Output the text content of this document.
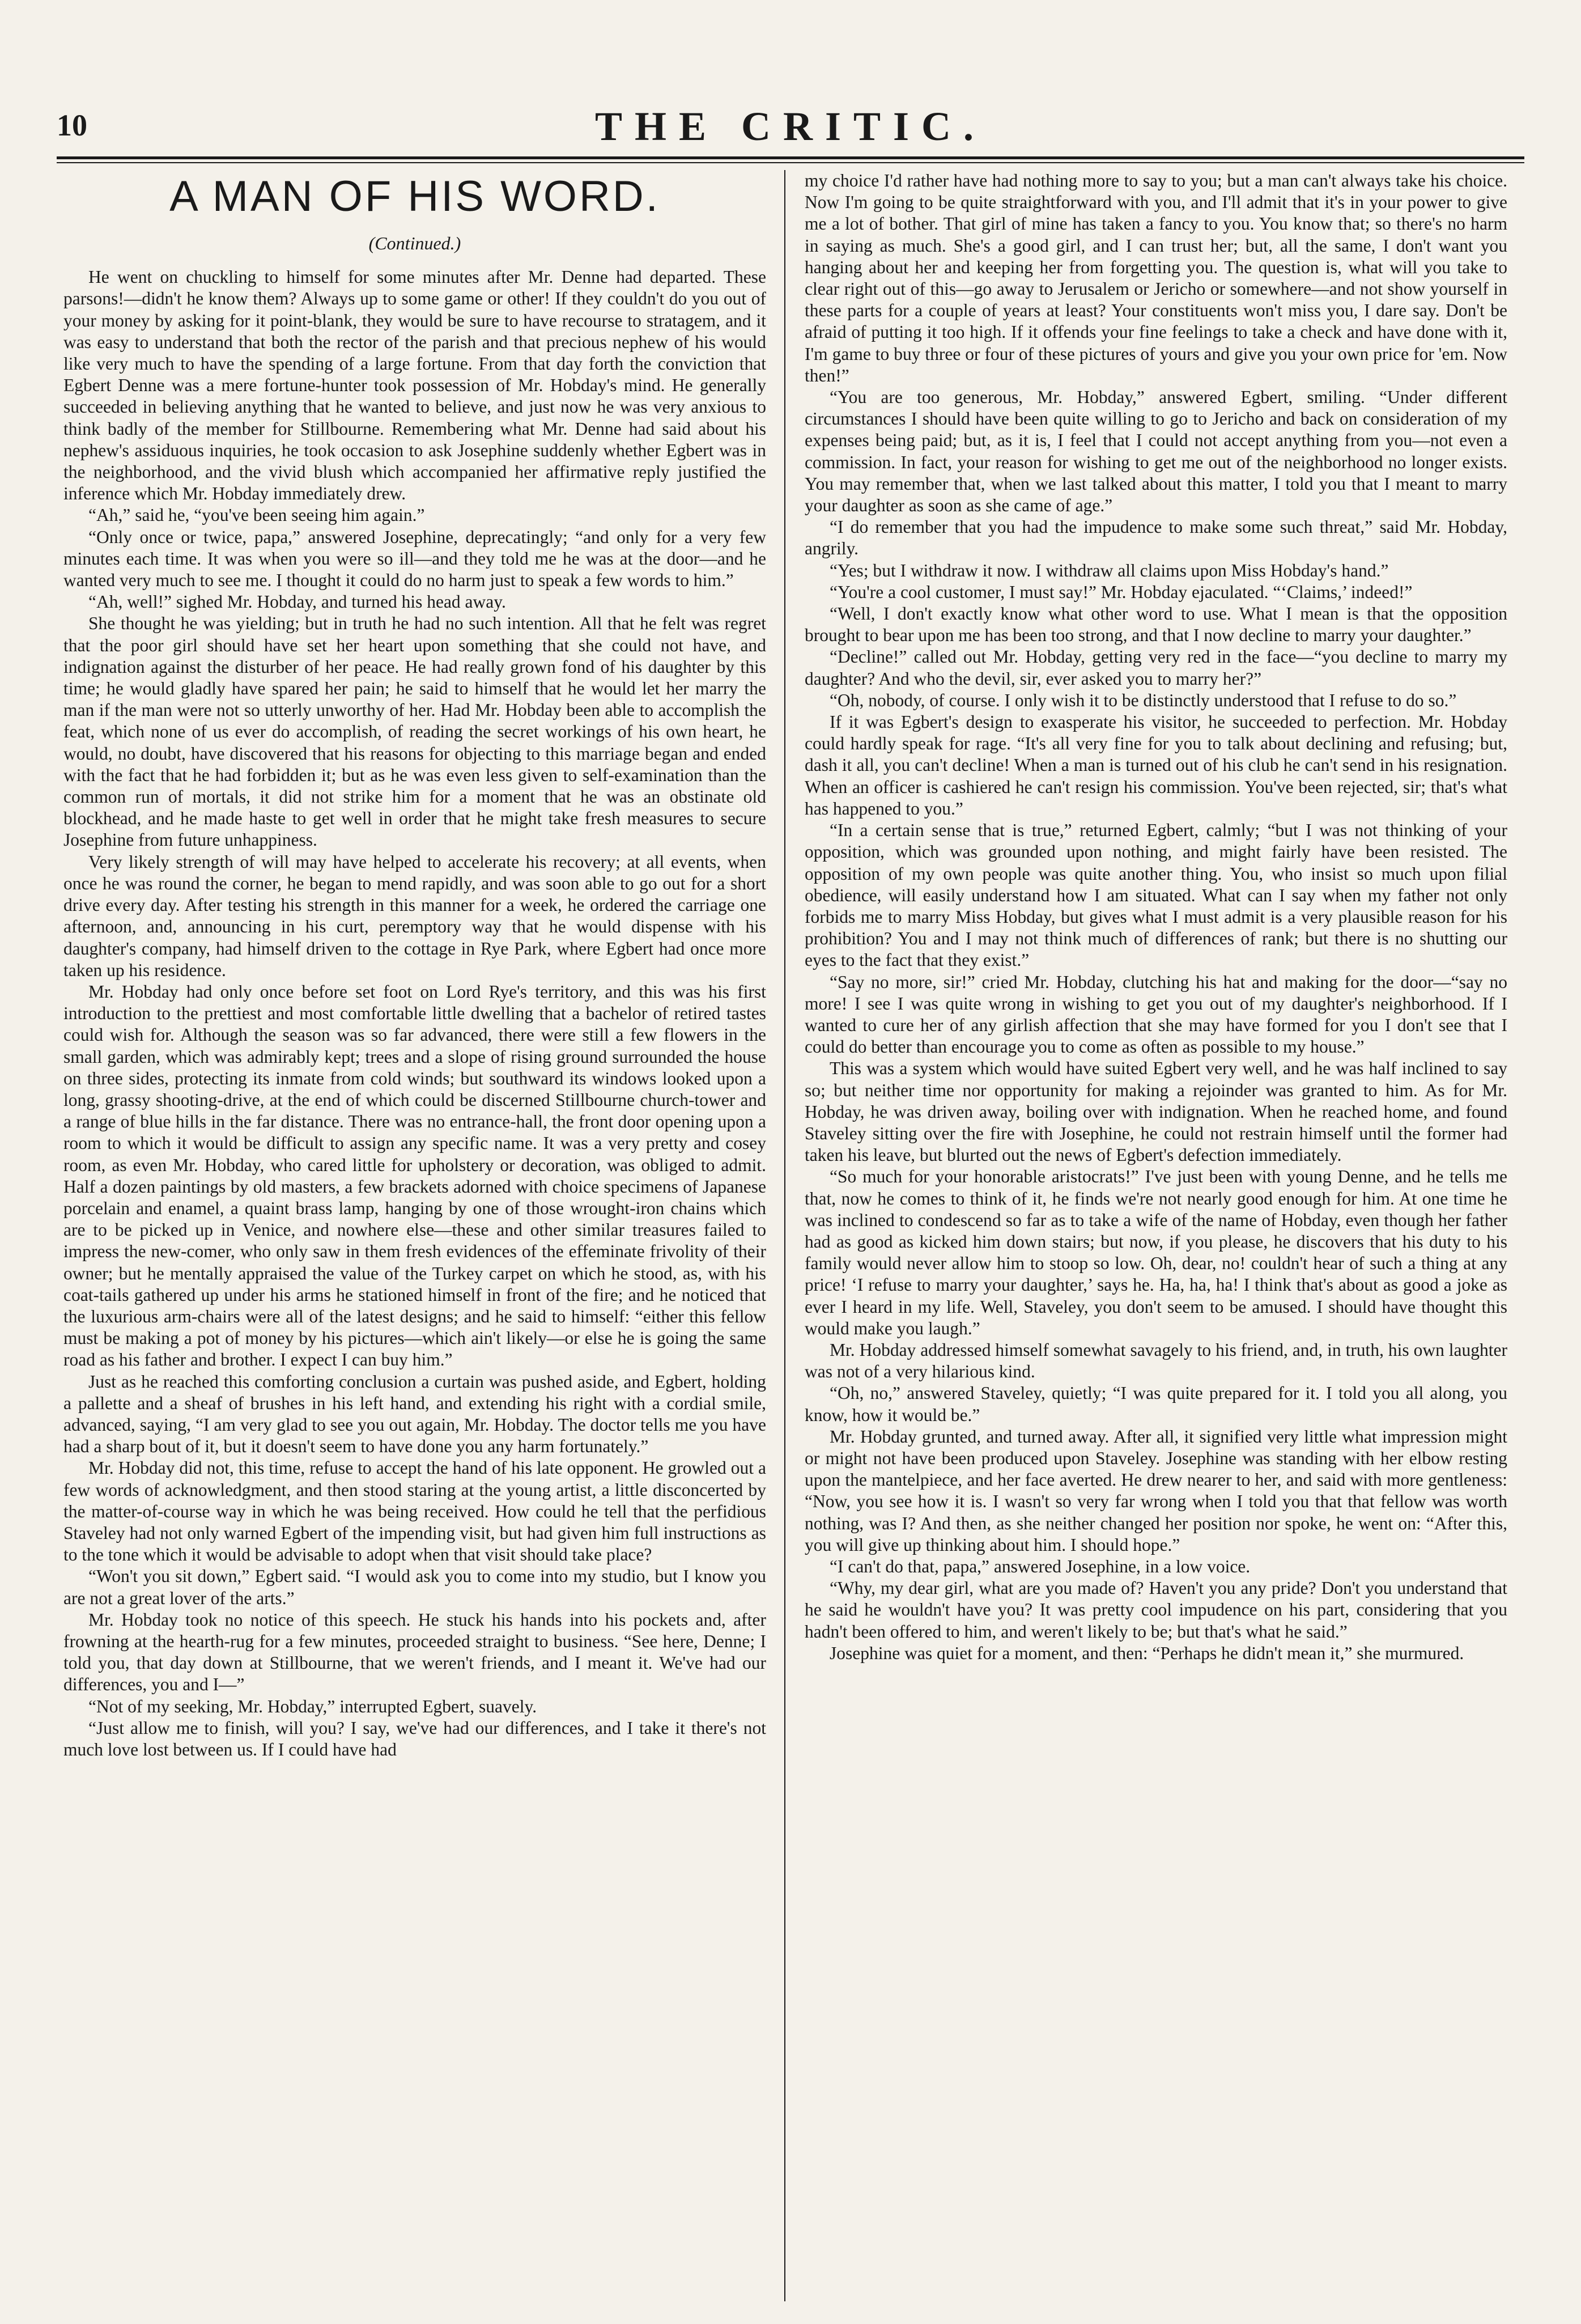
10	THE CRITIC.
A MAN OF HIS WORD.
(Continued.)

He went on chuckling to himself for some minutes after Mr. Denne had departed. These parsons!—didn't he know them? Always up to some game or other! If they couldn't do you out of your money by asking for it point-blank, they would be sure to have recourse to stratagem, and it was easy to understand that both the rector of the parish and that precious nephew of his would like very much to have the spending of a large fortune. From that day forth the conviction that Egbert Denne was a mere fortune-hunter took possession of Mr. Hobday's mind. He generally succeeded in believing anything that he wanted to believe, and just now he was very anxious to think badly of the member for Stillbourne. Remembering what Mr. Denne had said about his nephew's assiduous inquiries, he took occasion to ask Josephine suddenly whether Egbert was in the neighborhood, and the vivid blush which accompanied her affirmative reply justified the inference which Mr. Hobday immediately drew.

“Ah,” said he, “you've been seeing him again.”

“Only once or twice, papa,” answered Josephine, deprecatingly; “and only for a very few minutes each time. It was when you were so ill—and they told me he was at the door—and he wanted very much to see me. I thought it could do no harm just to speak a few words to him.”

“Ah, well!” sighed Mr. Hobday, and turned his head away.

She thought he was yielding; but in truth he had no such intention. All that he felt was regret that the poor girl should have set her heart upon something that she could not have, and indignation against the disturber of her peace. He had really grown fond of his daughter by this time; he would gladly have spared her pain; he said to himself that he would let her marry the man if the man were not so utterly unworthy of her. Had Mr. Hobday been able to accomplish the feat, which none of us ever do accomplish, of reading the secret workings of his own heart, he would, no doubt, have discovered that his reasons for objecting to this marriage began and ended with the fact that he had forbidden it; but as he was even less given to self-examination than the common run of mortals, it did not strike him for a moment that he was an obstinate old blockhead, and he made haste to get well in order that he might take fresh measures to secure Josephine from future unhappiness.

Very likely strength of will may have helped to accelerate his recovery; at all events, when once he was round the corner, he began to mend rapidly, and was soon able to go out for a short drive every day. After testing his strength in this manner for a week, he ordered the carriage one afternoon, and, announcing in his curt, peremptory way that he would dispense with his daughter's company, had himself driven to the cottage in Rye Park, where Egbert had once more taken up his residence.

Mr. Hobday had only once before set foot on Lord Rye's territory, and this was his first introduction to the prettiest and most comfortable little dwelling that a bachelor of retired tastes could wish for. Although the season was so far advanced, there were still a few flowers in the small garden, which was admirably kept; trees and a slope of rising ground surrounded the house on three sides, protecting its inmate from cold winds; but southward its windows looked upon a long, grassy shooting-drive, at the end of which could be discerned Stillbourne church-tower and a range of blue hills in the far distance. There was no entrance-hall, the front door opening upon a room to which it would be difficult to assign any specific name. It was a very pretty and cosey room, as even Mr. Hobday, who cared little for upholstery or decoration, was obliged to admit. Half a dozen paintings by old masters, a few brackets adorned with choice specimens of Japanese porcelain and enamel, a quaint brass lamp, hanging by one of those wrought-iron chains which are to be picked up in Venice, and nowhere else—these and other similar treasures failed to impress the new-comer, who only saw in them fresh evidences of the effeminate frivolity of their owner; but he mentally appraised the value of the Turkey carpet on which he stood, as, with his coat-tails gathered up under his arms he stationed himself in front of the fire; and he noticed that the luxurious arm-chairs were all of the latest designs; and he said to himself: “either this fellow must be making a pot of money by his pictures—which ain't likely—or else he is going the same road as his father and brother. I expect I can buy him.”

Just as he reached this comforting conclusion a curtain was pushed aside, and Egbert, holding a pallette and a sheaf of brushes in his left hand, and extending his right with a cordial smile, advanced, saying, “I am very glad to see you out again, Mr. Hobday. The doctor tells me you have had a sharp bout of it, but it doesn't seem to have done you any harm fortunately.”

Mr. Hobday did not, this time, refuse to accept the hand of his late opponent. He growled out a few words of acknowledgment, and then stood staring at the young artist, a little disconcerted by the matter-of-course way in which he was being received. How could he tell that the perfidious Staveley had not only warned Egbert of the impending visit, but had given him full instructions as to the tone which it would be advisable to adopt when that visit should take place?

“Won't you sit down,” Egbert said. “I would ask you to come into my studio, but I know you are not a great lover of the arts.”

Mr. Hobday took no notice of this speech. He stuck his hands into his pockets and, after frowning at the hearth-rug for a few minutes, proceeded straight to business. “See here, Denne; I told you, that day down at Stillbourne, that we weren't friends, and I meant it. We've had our differences, you and I—”

“Not of my seeking, Mr. Hobday,” interrupted Egbert, suavely.

“Just allow me to finish, will you? I say, we've had our differences, and I take it there's not much love lost between us. If I could have had

my choice I'd rather have had nothing more to say to you; but a man can't always take his choice. Now I'm going to be quite straightforward with you, and I'll admit that it's in your power to give me a lot of bother. That girl of mine has taken a fancy to you. You know that; so there's no harm in saying as much. She's a good girl, and I can trust her; but, all the same, I don't want you hanging about her and keeping her from forgetting you. The question is, what will you take to clear right out of this—go away to Jerusalem or Jericho or somewhere—and not show yourself in these parts for a couple of years at least? Your constituents won't miss you, I dare say. Don't be afraid of putting it too high. If it offends your fine feelings to take a check and have done with it, I'm game to buy three or four of these pictures of yours and give you your own price for 'em. Now then!”

“You are too generous, Mr. Hobday,” answered Egbert, smiling. “Under different circumstances I should have been quite willing to go to Jericho and back on consideration of my expenses being paid; but, as it is, I feel that I could not accept anything from you—not even a commission. In fact, your reason for wishing to get me out of the neighborhood no longer exists. You may remember that, when we last talked about this matter, I told you that I meant to marry your daughter as soon as she came of age.”

“I do remember that you had the impudence to make some such threat,” said Mr. Hobday, angrily.

“Yes; but I withdraw it now. I withdraw all claims upon Miss Hobday's hand.”

“You're a cool customer, I must say!” Mr. Hobday ejaculated. “‘Claims,’ indeed!”

“Well, I don't exactly know what other word to use. What I mean is that the opposition brought to bear upon me has been too strong, and that I now decline to marry your daughter.”

“Decline!” called out Mr. Hobday, getting very red in the face—“you decline to marry my daughter? And who the devil, sir, ever asked you to marry her?”

“Oh, nobody, of course. I only wish it to be distinctly understood that I refuse to do so.”

If it was Egbert's design to exasperate his visitor, he succeeded to perfection. Mr. Hobday could hardly speak for rage. “It's all very fine for you to talk about declining and refusing; but, dash it all, you can't decline! When a man is turned out of his club he can't send in his resignation. When an officer is cashiered he can't resign his commission. You've been rejected, sir; that's what has happened to you.”

“In a certain sense that is true,” returned Egbert, calmly; “but I was not thinking of your opposition, which was grounded upon nothing, and might fairly have been resisted. The opposition of my own people was quite another thing. You, who insist so much upon filial obedience, will easily understand how I am situated. What can I say when my father not only forbids me to marry Miss Hobday, but gives what I must admit is a very plausible reason for his prohibition? You and I may not think much of differences of rank; but there is no shutting our eyes to the fact that they exist.”

“Say no more, sir!” cried Mr. Hobday, clutching his hat and making for the door—“say no more! I see I was quite wrong in wishing to get you out of my daughter's neighborhood. If I wanted to cure her of any girlish affection that she may have formed for you I don't see that I could do better than encourage you to come as often as possible to my house.”

This was a system which would have suited Egbert very well, and he was half inclined to say so; but neither time nor opportunity for making a rejoinder was granted to him. As for Mr. Hobday, he was driven away, boiling over with indignation. When he reached home, and found Staveley sitting over the fire with Josephine, he could not restrain himself until the former had taken his leave, but blurted out the news of Egbert's defection immediately.

“So much for your honorable aristocrats!” I've just been with young Denne, and he tells me that, now he comes to think of it, he finds we're not nearly good enough for him. At one time he was inclined to condescend so far as to take a wife of the name of Hobday, even though her father had as good as kicked him down stairs; but now, if you please, he discovers that his duty to his family would never allow him to stoop so low. Oh, dear, no! couldn't hear of such a thing at any price! ‘I refuse to marry your daughter,’ says he. Ha, ha, ha! I think that's about as good a joke as ever I heard in my life. Well, Staveley, you don't seem to be amused. I should have thought this would make you laugh.”

Mr. Hobday addressed himself somewhat savagely to his friend, and, in truth, his own laughter was not of a very hilarious kind.

“Oh, no,” answered Staveley, quietly; “I was quite prepared for it. I told you all along, you know, how it would be.”

Mr. Hobday grunted, and turned away. After all, it signified very little what impression might or might not have been produced upon Staveley. Josephine was standing with her elbow resting upon the mantelpiece, and her face averted. He drew nearer to her, and said with more gentleness: “Now, you see how it is. I wasn't so very far wrong when I told you that that fellow was worth nothing, was I? And then, as she neither changed her position nor spoke, he went on: “After this, you will give up thinking about him. I should hope.”

“I can't do that, papa,” answered Josephine, in a low voice.

“Why, my dear girl, what are you made of? Haven't you any pride? Don't you understand that he said he wouldn't have you? It was pretty cool impudence on his part, considering that you hadn't been offered to him, and weren't likely to be; but that's what he said.”

Josephine was quiet for a moment, and then: “Perhaps he didn't mean it,” she murmured.
